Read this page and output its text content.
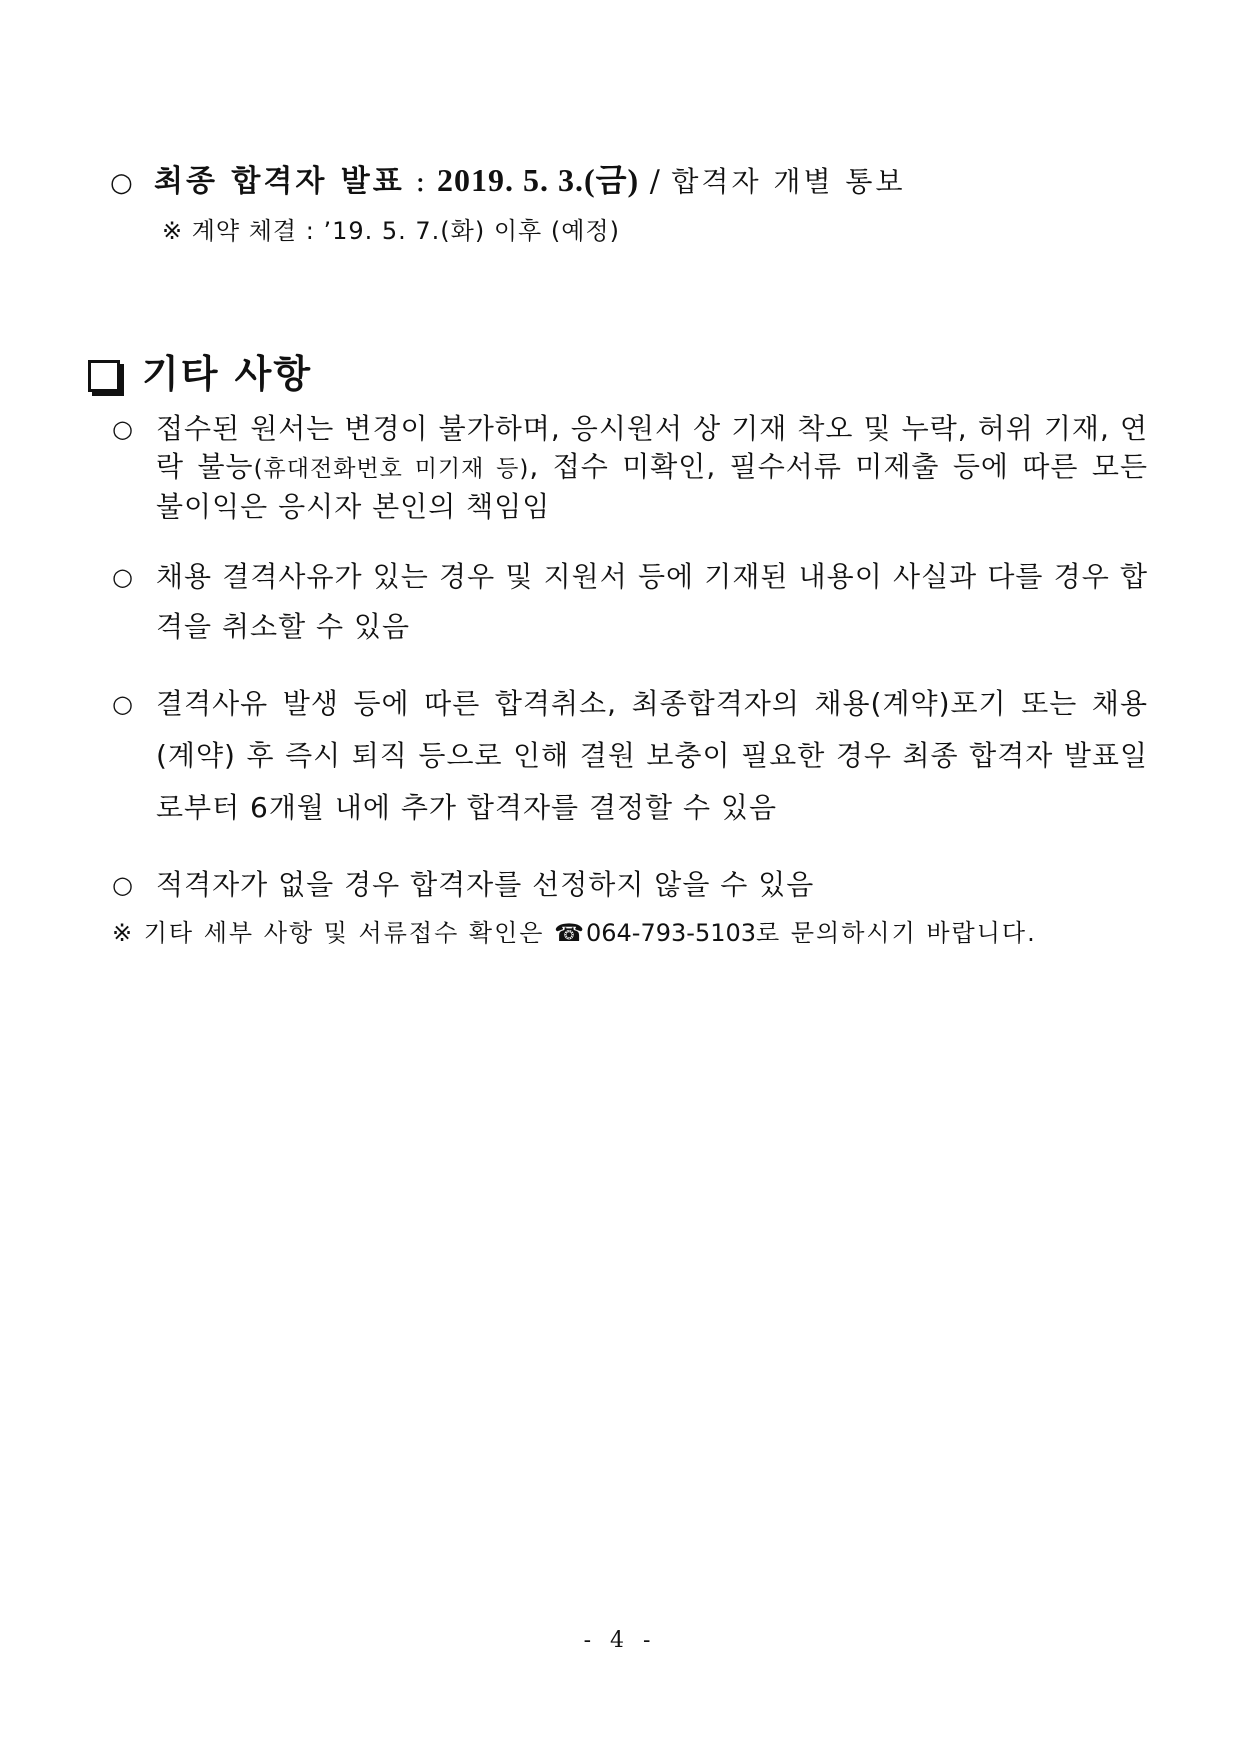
○ 최종 합격자 발표 : 2019. 5. 3.(금) / 합격자 개별 통보
※ 계약 체결 : ’19. 5. 7.(화) 이후 (예정)
기타 사항
○ 접수된 원서는 변경이 불가하며, 응시원서 상 기재 착오 및 누락, 허위 기재, 연락 불능(휴대전화번호 미기재 등), 접수 미확인, 필수서류 미제출 등에 따른 모든 불이익은 응시자 본인의 책임임
○ 채용 결격사유가 있는 경우 및 지원서 등에 기재된 내용이 사실과 다를 경우 합격을 취소할 수 있음
○ 결격사유 발생 등에 따른 합격취소, 최종합격자의 채용(계약)포기 또는 채용(계약) 후 즉시 퇴직 등으로 인해 결원 보충이 필요한 경우 최종 합격자 발표일로부터 6개월 내에 추가 합격자를 결정할 수 있음
○ 적격자가 없을 경우 합격자를 선정하지 않을 수 있음
※ 기타 세부 사항 및 서류접수 확인은 ☎064-793-5103로 문의하시기 바랍니다.
- 4 -
